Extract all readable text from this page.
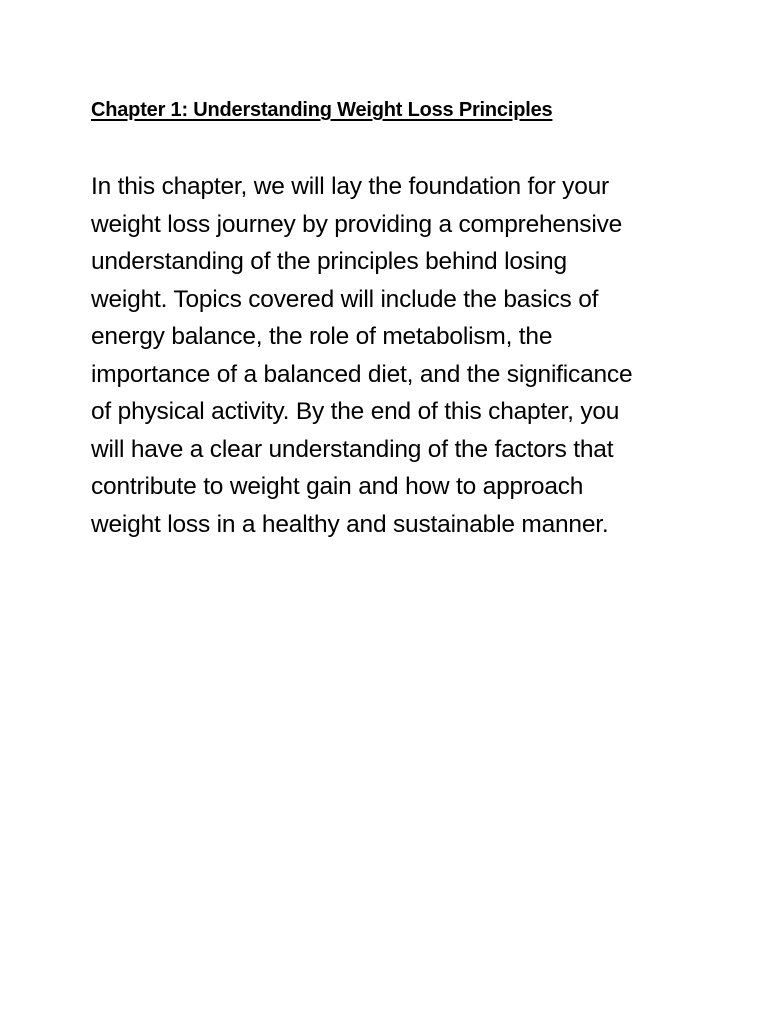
Chapter 1: Understanding Weight Loss Principles

In this chapter, we will lay the foundation for your
weight loss journey by providing a comprehensive
understanding of the principles behind losing
weight. Topics covered will include the basics of
energy balance, the role of metabolism, the
importance of a balanced diet, and the significance
of physical activity. By the end of this chapter, you
will have a clear understanding of the factors that
contribute to weight gain and how to approach
weight loss in a healthy and sustainable manner.
